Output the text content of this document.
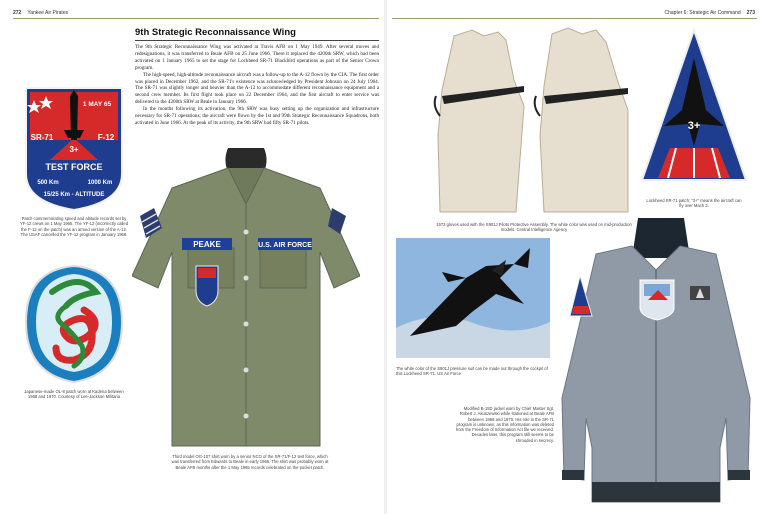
272 Yankee Air Pirates	Chapter 6: Strategic Air Command 273
9th Strategic Reconnaissance Wing

The 9th Strategic Reconnaissance Wing was activated at Travis AFB on 1 May 1949. After several moves and redesignations, it was transferred to Beale AFB on 25 June 1966. There it replaced the 4200th SRW, which had been activated on 1 January 1965 to set the stage for Lockheed SR-71 Blackbird operations as part of the Senior Crown program.

The high-speed, high-altitude reconnaissance aircraft was a follow-up to the A-12 flown by the CIA. The first order was placed in December 1962, and the SR-71's existence was acknowledged by President Johnson on 24 July 1964. The SR-71 was slightly longer and heavier than the A-12 to accommodate different reconnaissance equipment and a second crew member. Its first flight took place on 22 December 1964, and the first aircraft to enter service was delivered to the 4200th SRW at Beale in January 1966.

In the months following its activation, the 9th SRW was busy setting up the organization and infrastructure necessary for SR-71 operations; the aircraft were flown by the 1st and 99th Strategic Reconnaissance Squadrons, both activated in June 1966. At the peak of its activity, the 9th SRW had fifty SR-71 pilots.

1 MAY 65
SR-71	F-12
3+
TEST FORCE
500 Km	1000 Km
15/25 Km - ALTITUDE
Patch commemorating speed and altitude records set by YF-12 crews on 1 May 1965. The YF-12 (incorrectly called the F-12 on the patch) was an armed version of the A-12. The USAF cancelled the YF-12 program in January 1968.
Japanese-made OL-8 patch worn at Kadena between 1968 and 1970. Courtesy of Lee-Jackson Militaria
PEAKE	U.S. AIR FORCE
Third model OG-107 shirt worn by a senior NCO of the SR-71/F-12 test force, which was transferred from Edwards to Beale in early 1966. The shirt was probably worn at Beale AFB months after the 1 May 1965 records celebrated on the pocket patch.
1973 gloves used with the S901J Pilots Protective Assembly. The white color was used on mid-production models. Central Intelligence Agency
3+
Lockheed SR-71 patch; "3+" means the aircraft can fly over Mach 3.
The white color of the S901J pressure suit can be made out through the cockpit of this Lockheed SR-71. US Air Force
Modified B-15D jacket worn by Chief Master Sgt. Robert J. Akuszewski while stationed at Beale AFB between 1966 and 1970. His role in the SR-71 program is unknown, as this information was deleted from the Freedom of Information Act file we received. Decades later, this program still seems to be shrouded in secrecy.
